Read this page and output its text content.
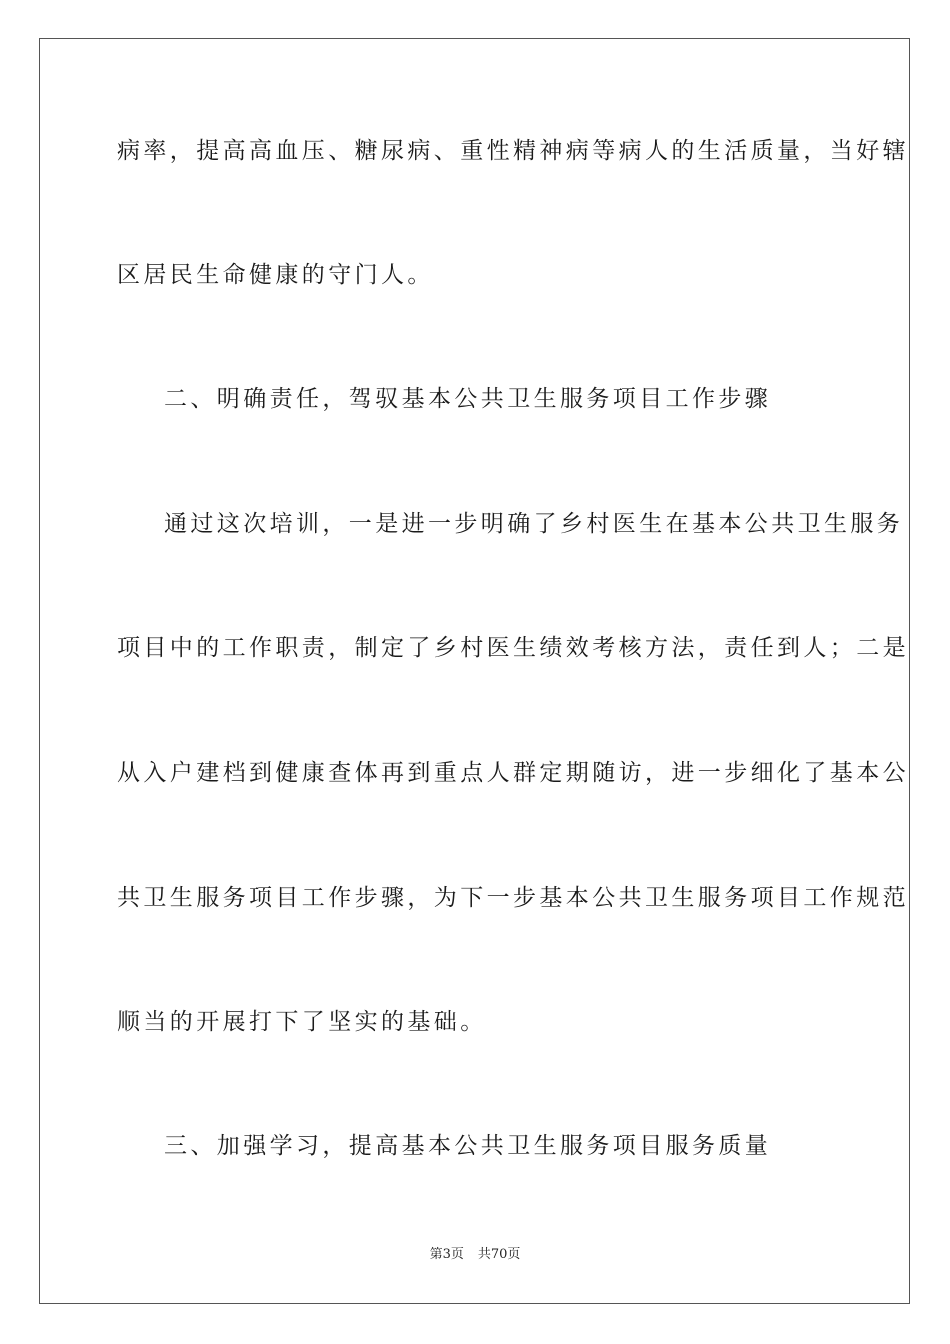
病率，提高高血压、糖尿病、重性精神病等病人的生活质量，当好辖
区居民生命健康的守门人。
二、明确责任，驾驭基本公共卫生服务项目工作步骤
通过这次培训，一是进一步明确了乡村医生在基本公共卫生服务
项目中的工作职责，制定了乡村医生绩效考核方法，责任到人；二是
从入户建档到健康查体再到重点人群定期随访，进一步细化了基本公
共卫生服务项目工作步骤，为下一步基本公共卫生服务项目工作规范
顺当的开展打下了坚实的基础。
三、加强学习，提高基本公共卫生服务项目服务质量
第3页 共70页
